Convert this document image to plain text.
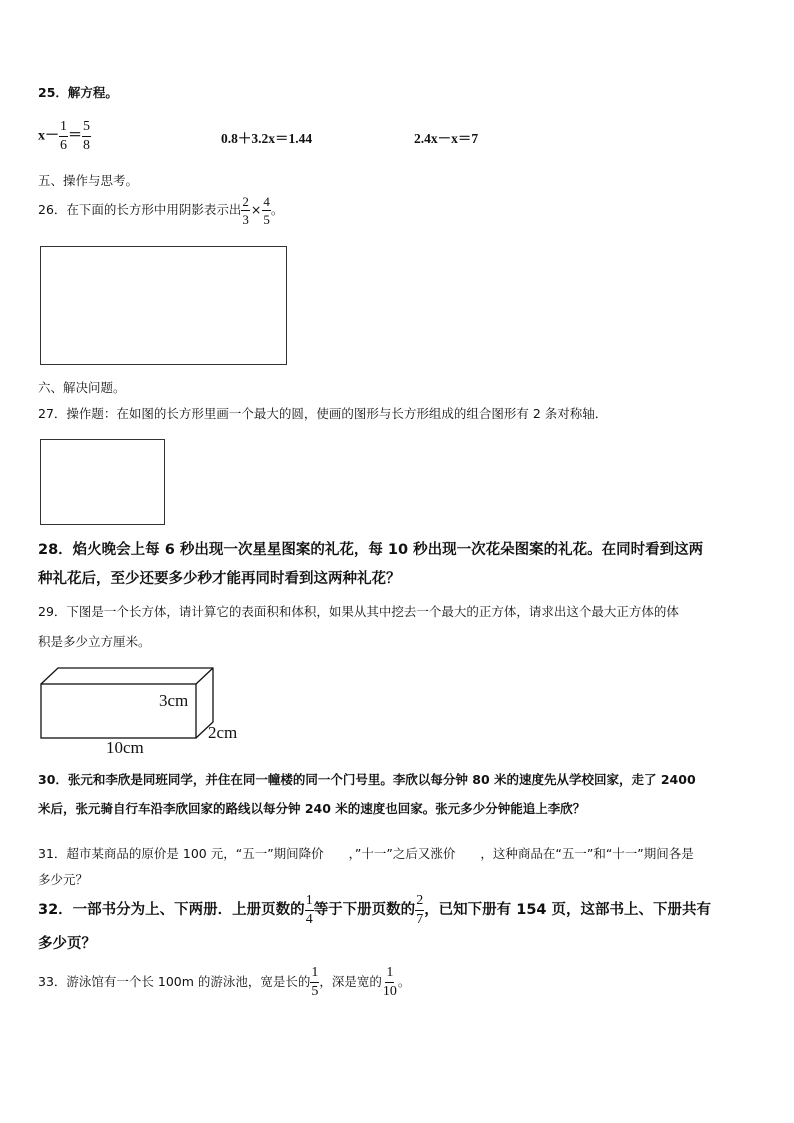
25．解方程。
$x- \frac{1}{6} = \frac{5}{8}$	0.8＋3.2x＝1.44	2.4x－x＝7
五、操作与思考。
26．在下面的长方形中用阴影表示出 $\frac{2}{3} \times \frac{4}{5}$ 。
六、解决问题。
27．操作题：在如图的长方形里画一个最大的圆，使画的图形与长方形组成的组合图形有 2 条对称轴．
28．焰火晚会上每 6 秒出现一次星星图案的礼花，每 10 秒出现一次花朵图案的礼花。在同时看到这两
种礼花后，至少还要多少秒才能再同时看到这两种礼花？
29．下图是一个长方体，请计算它的表面积和体积，如果从其中挖去一个最大的正方体，请求出这个最大正方体的体
积是多少立方厘米。
3cm
2cm
10cm
30．张元和李欣是同班同学，并住在同一幢楼的同一个门号里。李欣以每分钟 80 米的速度先从学校回家，走了 2400
米后，张元骑自行车沿李欣回家的路线以每分钟 240 米的速度也回家。张元多少分钟能追上李欣？
31．超市某商品的原价是 100 元，“五一”期间降价　　，”十一”之后又涨价　　，这种商品在“五一”和“十一”期间各是
多少元？
32．一部书分为上、下两册．上册页数的 $\frac{1}{4}$ 等于下册页数的 $\frac{2}{7}$ ，已知下册有 154 页，这部书上、下册共有
多少页？
33．游泳馆有一个长 100m 的游泳池，宽是长的 $\frac{1}{5}$ ，深是宽的 $\frac{1}{10}$ 。
